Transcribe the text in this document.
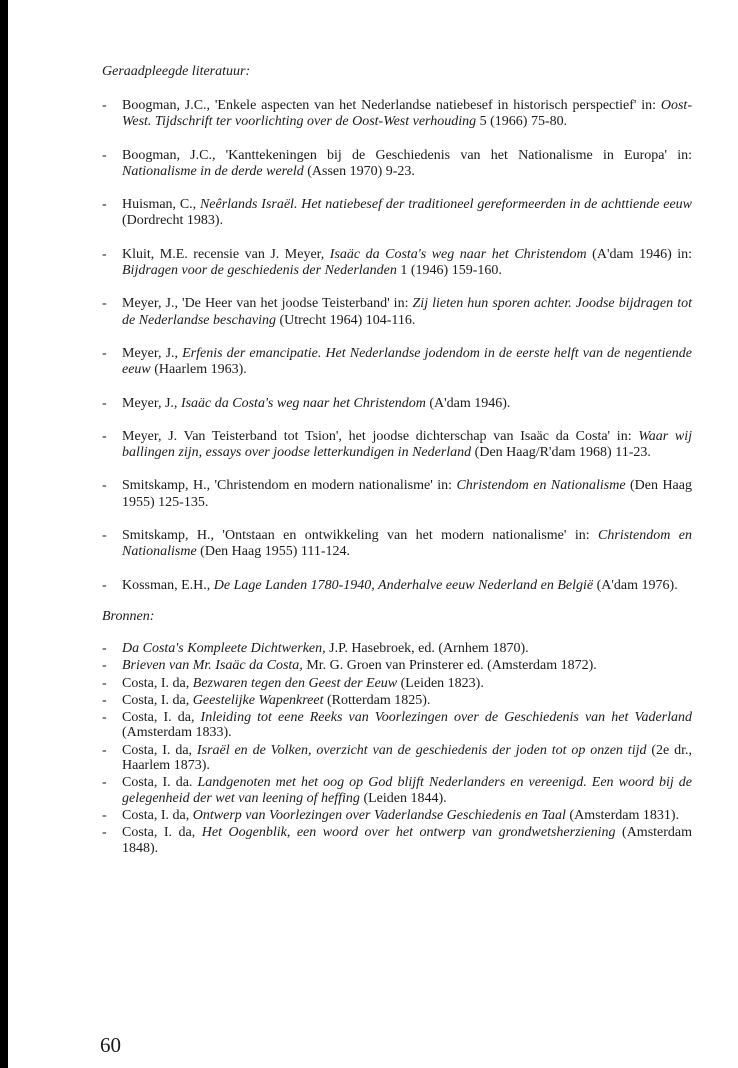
Geraadpleegde literatuur:

-	Boogman, J.C., 'Enkele aspecten van het Nederlandse natiebesef in historisch perspectief' in: Oost-West. Tijdschrift ter voorlichting over de Oost-West verhouding 5 (1966) 75-80.
-	Boogman, J.C., 'Kanttekeningen bij de Geschiedenis van het Nationalisme in Europa' in: Nationalisme in de derde wereld (Assen 1970) 9-23.
-	Huisman, C., Neêrlands Israël. Het natiebesef der traditioneel gereformeerden in de achttiende eeuw (Dordrecht 1983).
-	Kluit, M.E. recensie van J. Meyer, Isaäc da Costa's weg naar het Christendom (A'dam 1946) in: Bijdragen voor de geschiedenis der Nederlanden 1 (1946) 159-160.
-	Meyer, J., 'De Heer van het joodse Teisterband' in: Zij lieten hun sporen achter. Joodse bijdragen tot de Nederlandse beschaving (Utrecht 1964) 104-116.
-	Meyer, J., Erfenis der emancipatie. Het Nederlandse jodendom in de eerste helft van de negentiende eeuw (Haarlem 1963).
-	Meyer, J., Isaäc da Costa's weg naar het Christendom (A'dam 1946).
-	Meyer, J. Van Teisterband tot Tsion', het joodse dichterschap van Isaäc da Costa' in: Waar wij ballingen zijn, essays over joodse letterkundigen in Nederland (Den Haag/R'dam 1968) 11-23.
-	Smitskamp, H., 'Christendom en modern nationalisme' in: Christendom en Nationalisme (Den Haag 1955) 125-135.
-	Smitskamp, H., 'Ontstaan en ontwikkeling van het modern nationalisme' in: Christendom en Nationalisme (Den Haag 1955) 111-124.
-	Kossman, E.H., De Lage Landen 1780-1940, Anderhalve eeuw Nederland en België (A'dam 1976).

Bronnen:

-	Da Costa's Kompleete Dichtwerken, J.P. Hasebroek, ed. (Arnhem 1870).
-	Brieven van Mr. Isaäc da Costa, Mr. G. Groen van Prinsterer ed. (Amsterdam 1872).
-	Costa, I. da, Bezwaren tegen den Geest der Eeuw (Leiden 1823).
-	Costa, I. da, Geestelijke Wapenkreet (Rotterdam 1825).
-	Costa, I. da, Inleiding tot eene Reeks van Voorlezingen over de Geschiedenis van het Vaderland (Amsterdam 1833).
-	Costa, I. da, Israël en de Volken, overzicht van de geschiedenis der joden tot op onzen tijd (2e dr., Haarlem 1873).
-	Costa, I. da. Landgenoten met het oog op God blijft Nederlanders en vereenigd. Een woord bij de gelegenheid der wet van leening of heffing (Leiden 1844).
-	Costa, I. da, Ontwerp van Voorlezingen over Vaderlandse Geschiedenis en Taal (Amsterdam 1831).
-	Costa, I. da, Het Oogenblik, een woord over het ontwerp van grondwetsherziening (Amsterdam 1848).
60
